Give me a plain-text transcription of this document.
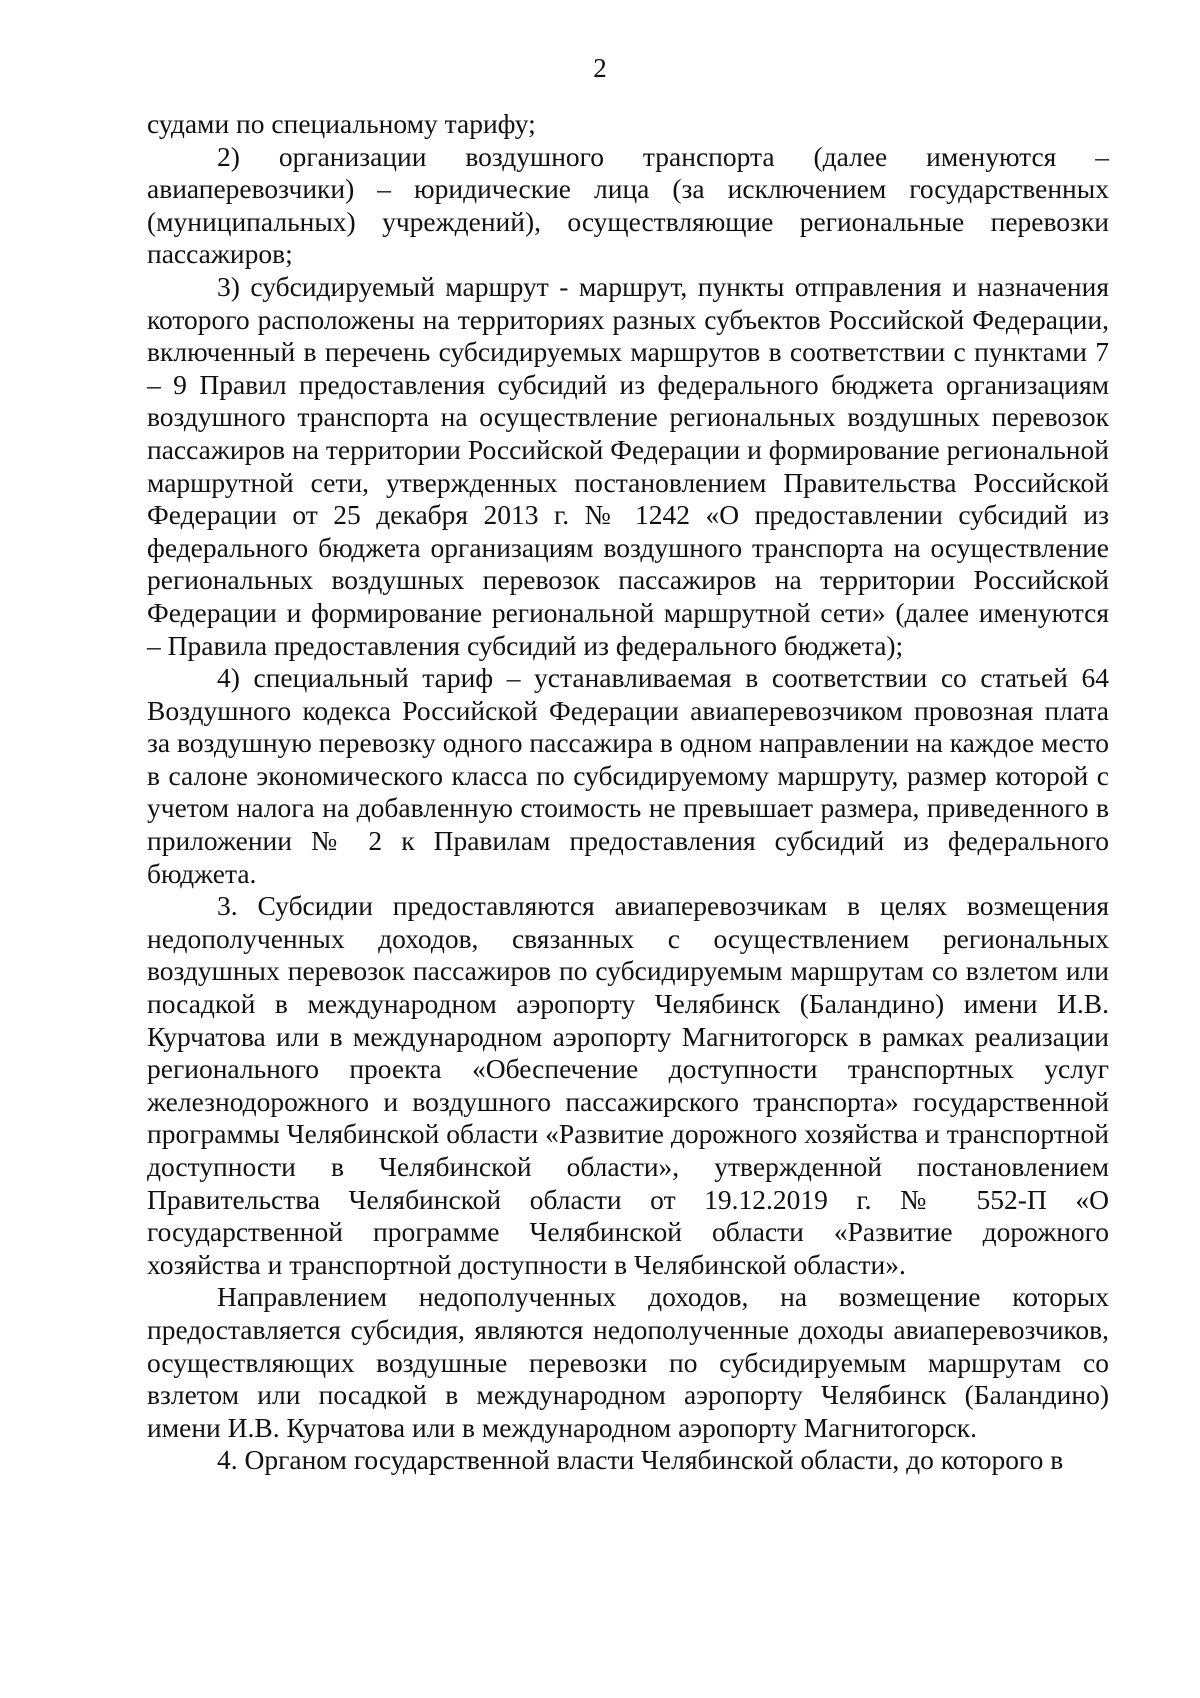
2

судами по специальному тарифу;

2) организации воздушного транспорта (далее именуются – авиаперевозчики) – юридические лица (за исключением государственных (муниципальных) учреждений), осуществляющие региональные перевозки пассажиров;

3) субсидируемый маршрут - маршрут, пункты отправления и назначения которого расположены на территориях разных субъектов Российской Федерации, включенный в перечень субсидируемых маршрутов в соответствии с пунктами 7 – 9 Правил предоставления субсидий из федерального бюджета организациям воздушного транспорта на осуществление региональных воздушных перевозок пассажиров на территории Российской Федерации и формирование региональной маршрутной сети, утвержденных постановлением Правительства Российской Федерации от 25 декабря 2013 г. № 1242 «О предоставлении субсидий из федерального бюджета организациям воздушного транспорта на осуществление региональных воздушных перевозок пассажиров на территории Российской Федерации и формирование региональной маршрутной сети» (далее именуются – Правила предоставления субсидий из федерального бюджета);

4) специальный тариф – устанавливаемая в соответствии со статьей 64 Воздушного кодекса Российской Федерации авиаперевозчиком провозная плата за воздушную перевозку одного пассажира в одном направлении на каждое место в салоне экономического класса по субсидируемому маршруту, размер которой с учетом налога на добавленную стоимость не превышает размера, приведенного в приложении № 2 к Правилам предоставления субсидий из федерального бюджета.

3. Субсидии предоставляются авиаперевозчикам в целях возмещения недополученных доходов, связанных с осуществлением региональных воздушных перевозок пассажиров по субсидируемым маршрутам со взлетом или посадкой в международном аэропорту Челябинск (Баландино) имени И.В. Курчатова или в международном аэропорту Магнитогорск в рамках реализации регионального проекта «Обеспечение доступности транспортных услуг железнодорожного и воздушного пассажирского транспорта» государственной программы Челябинской области «Развитие дорожного хозяйства и транспортной доступности в Челябинской области», утвержденной постановлением Правительства Челябинской области от 19.12.2019 г. № 552-П «О государственной программе Челябинской области «Развитие дорожного хозяйства и транспортной доступности в Челябинской области».

Направлением недополученных доходов, на возмещение которых предоставляется субсидия, являются недополученные доходы авиаперевозчиков, осуществляющих воздушные перевозки по субсидируемым маршрутам со взлетом или посадкой в международном аэропорту Челябинск (Баландино) имени И.В. Курчатова или в международном аэропорту Магнитогорск.

4. Органом государственной власти Челябинской области, до которого в
